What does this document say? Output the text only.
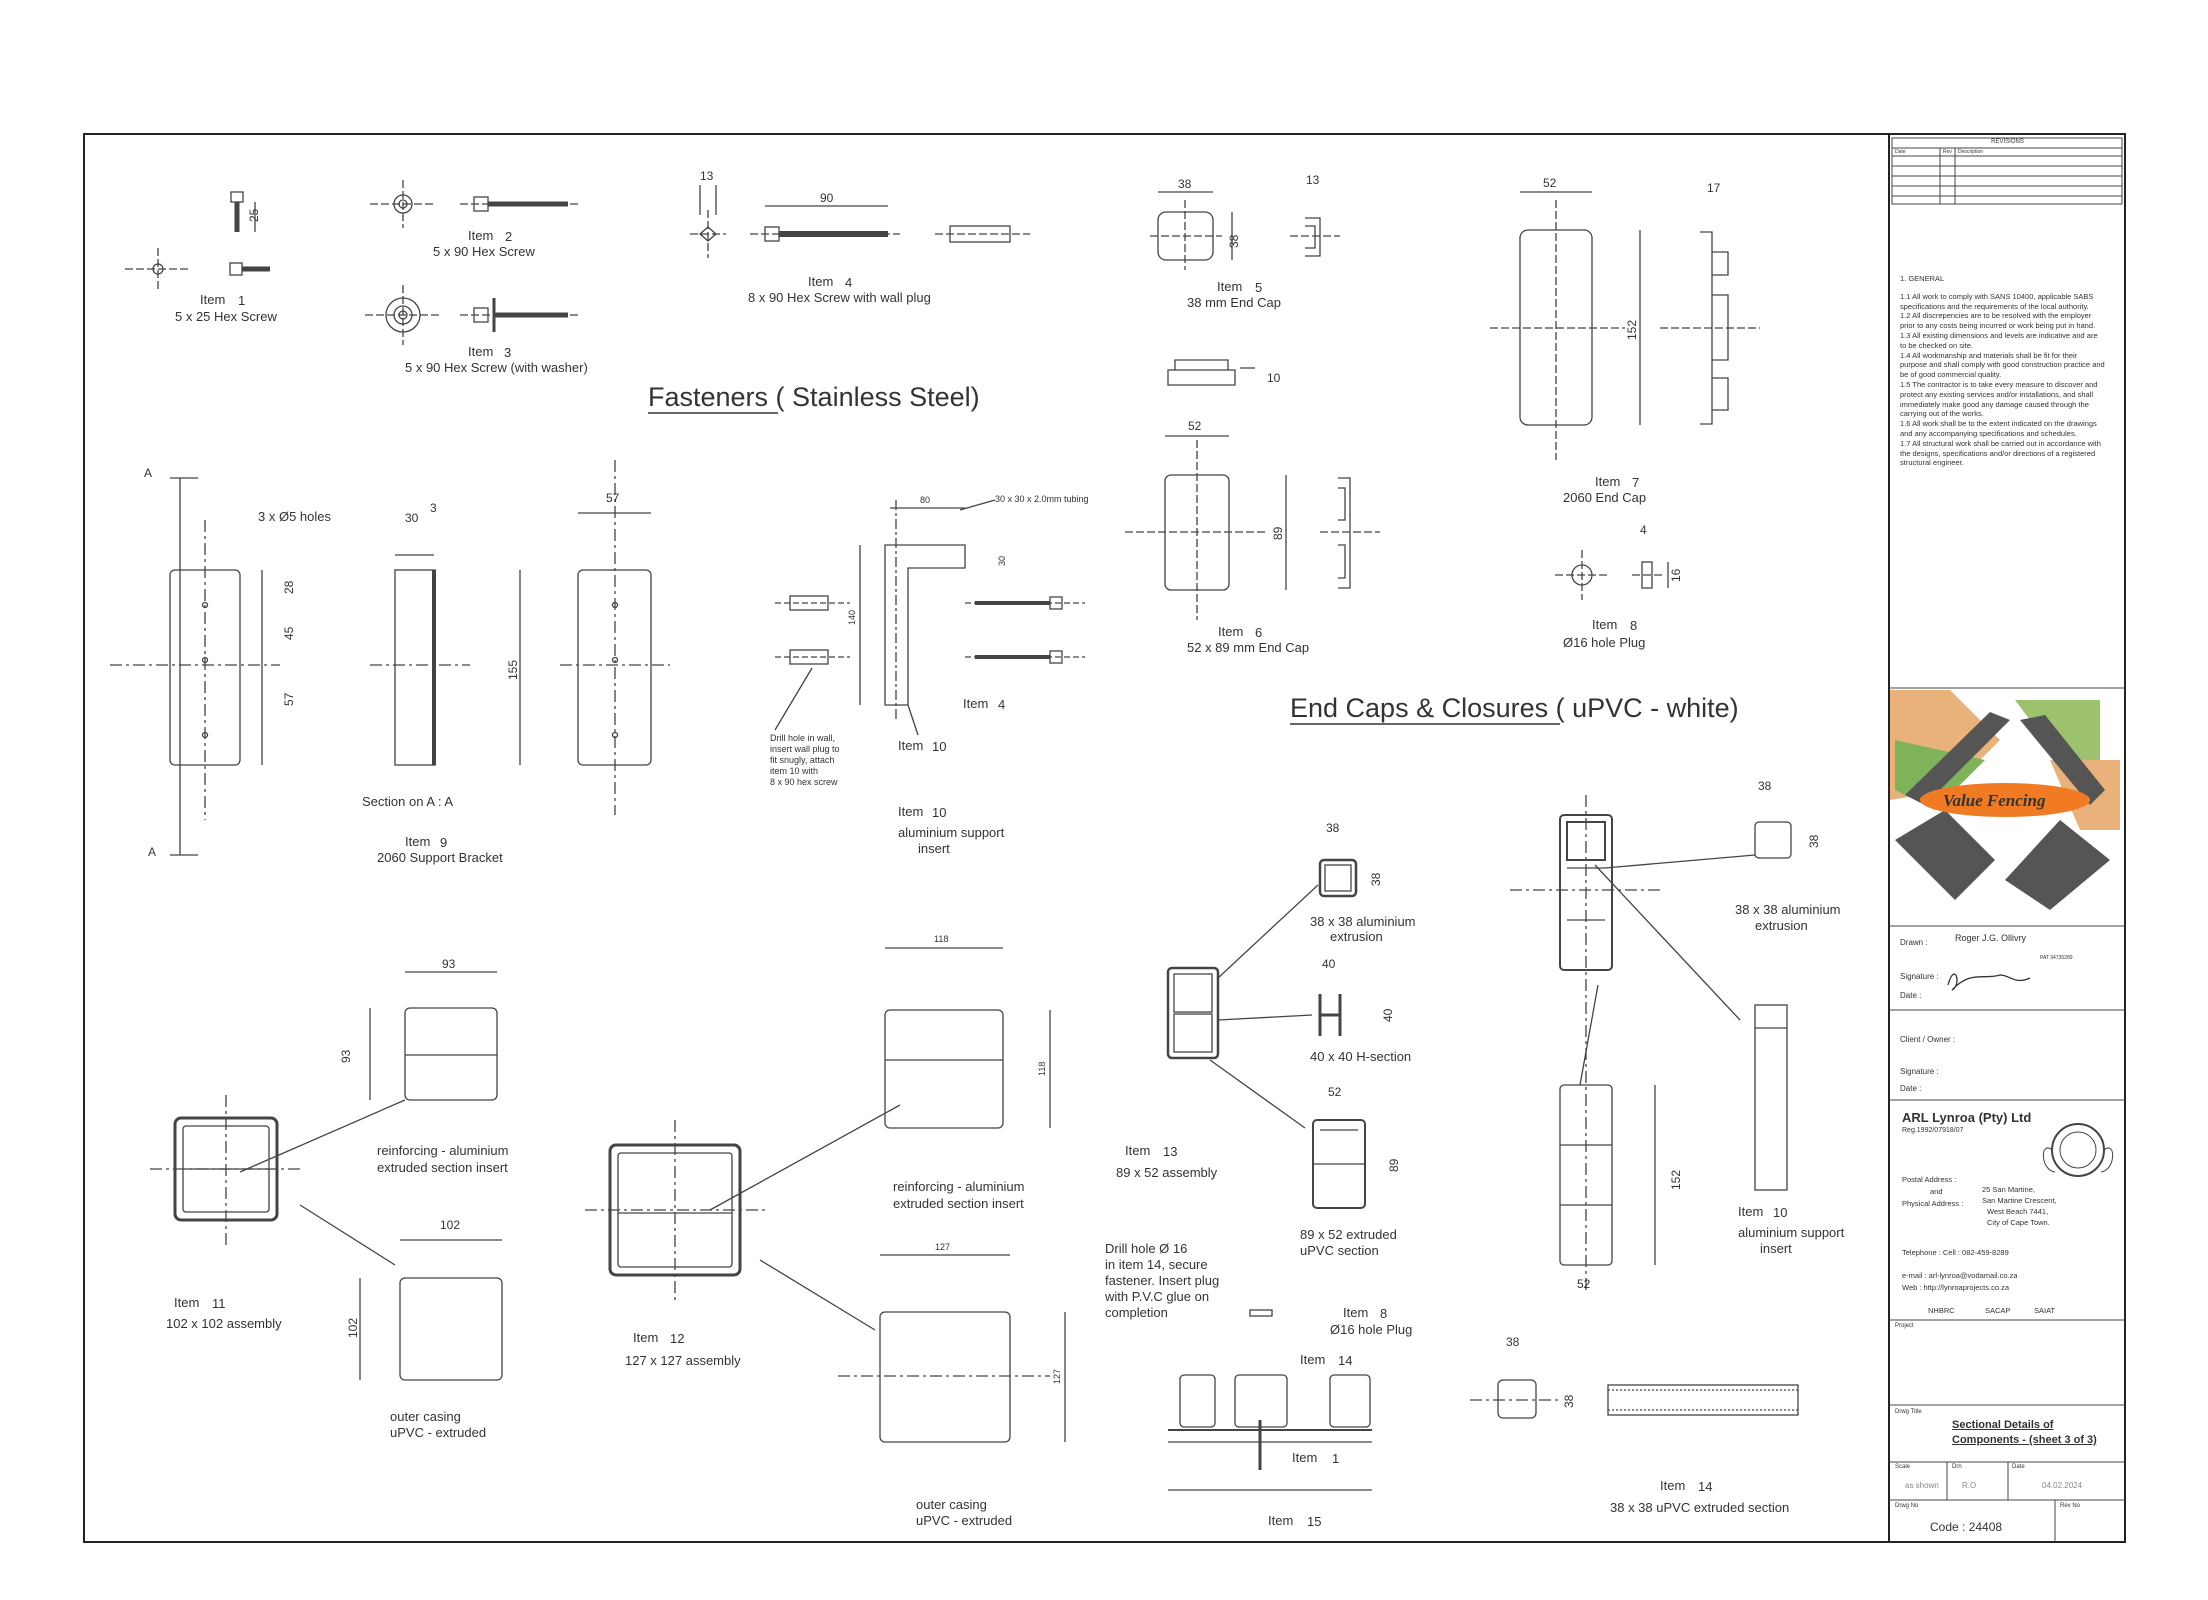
Fasteners ( Stainless Steel)
End Caps & Closures ( uPVC - white)
Item 1
5 x 25 Hex Screw
Item 2
5 x 90 Hex Screw
Item 3
5 x 90 Hex Screw (with washer)
Item 4
8 x 90 Hex Screw with wall plug
Item 5
38 mm End Cap
Item 6
52 x 89 mm End Cap
Item 7
2060 End Cap
Item 8
Ø16 hole Plug
3 x Ø5 holes
Section on A : A
A
A
Item 9
2060 Support Bracket
30 x 30 x 2.0mm tubing
Drill hole in wall,
insert wall plug to
fit snugly, attach
item 10 with
8 x 90 hex screw
Item 10
Item 4
Item 10
aluminium support
insert
reinforcing - aluminium
extruded section insert
outer casing
uPVC - extruded
Item 11
102 x 102 assembly
reinforcing - aluminium
extruded section insert
outer casing
uPVC - extruded
Item 12
127 x 127 assembly
38 x 38 aluminium
extrusion
40 x 40 H-section
89 x 52 extruded
uPVC section
Item 13
89 x 52 assembly
Drill hole Ø 16
in item 14, secure
fastener. Insert plug
with P.V.C glue on
completion	Item 8
Ø16 hole Plug
Item 14
Item 1
Item 15
38 x 38 aluminium
extrusion
Item 10
aluminium support
insert
Item 14
38 x 38 uPVC extruded section
25
13
90
38
38
13
10
52
89
52
152
17
4
16
30
3
57
28
45
57
155
80
30
140
93
93
102
102
118
118
127
127
38
38
40
40
52
89
38
38
152
52
38
38
Value Fencing
REVISIONS
Date	Rev Description

1. GENERAL

1.1 All work to comply with SANS 10400, applicable SABS specifications and the requirements of the local authority.

1.2 All discrepencies are to be resolved with the employer prior to any costs being incurred or work being put in hand.

1.3 All existing dimensions and levels are indicative and are to be checked on site.

1.4 All workmanship and materials shall be fit for their purpose and shall comply with good construction practice and be of good commercial quality.

1.5 The contractor is to take every measure to discover and protect any existing services and/or installations, and shall immediately make good any damage caused through the carrying out of the works.

1.6 All work shall be to the extent indicated on the drawings and any accompanying specifications and schedules.

1.7 All structural work shall be carried out in accordance with the designs, specifications and/or directions of a registered structural engineer.

Drawn :	Roger J.G. Ollivry
PAT 34735289
Signature :
Date :
Client / Owner :
Signature :
Date :
ARL Lynroa (Pty) Ltd
Reg.1992/07918/07
Postal Address :
and
Physical Address :
25 San Martine,
San Martine Crescent,
West Beach 7441,
City of Cape Town.
Telephone : Cell : 082-459-8289
e-mail : arl-lynroa@vodamail.co.za
Web : http://lynroaprojects.co.za
NHBRC	SACAP	SAIAT
Project
Drwg Title
Sectional Details of
Components - (sheet 3 of 3)
Scale	Drn	Date
as shown	R.O	04.02.2024
Drwg No	Rev No
Code : 24408
